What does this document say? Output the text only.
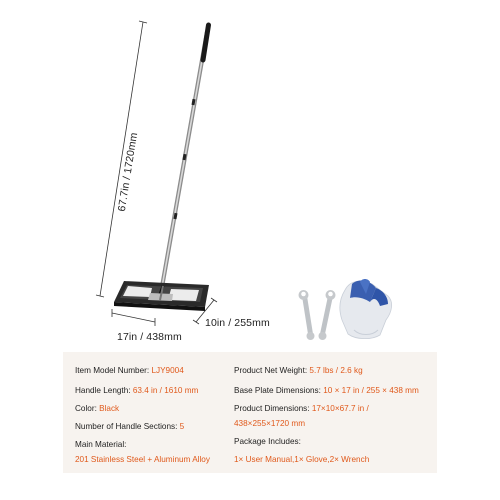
67.7in / 1720mm
17in / 438mm
10in / 255mm
Item Model Number: LJY9004
Handle Length: 63.4 in / 1610 mm
Color: Black
Number of Handle Sections: 5
Main Material:
201 Stainless Steel + Aluminum Alloy
Product Net Weight: 5.7 lbs / 2.6 kg
Base Plate Dimensions: 10 × 17 in / 255 × 438 mm
Product Dimensions: 17×10×67.7 in /
438×255×1720 mm
Package Includes:
1× User Manual,1× Glove,2× Wrench
